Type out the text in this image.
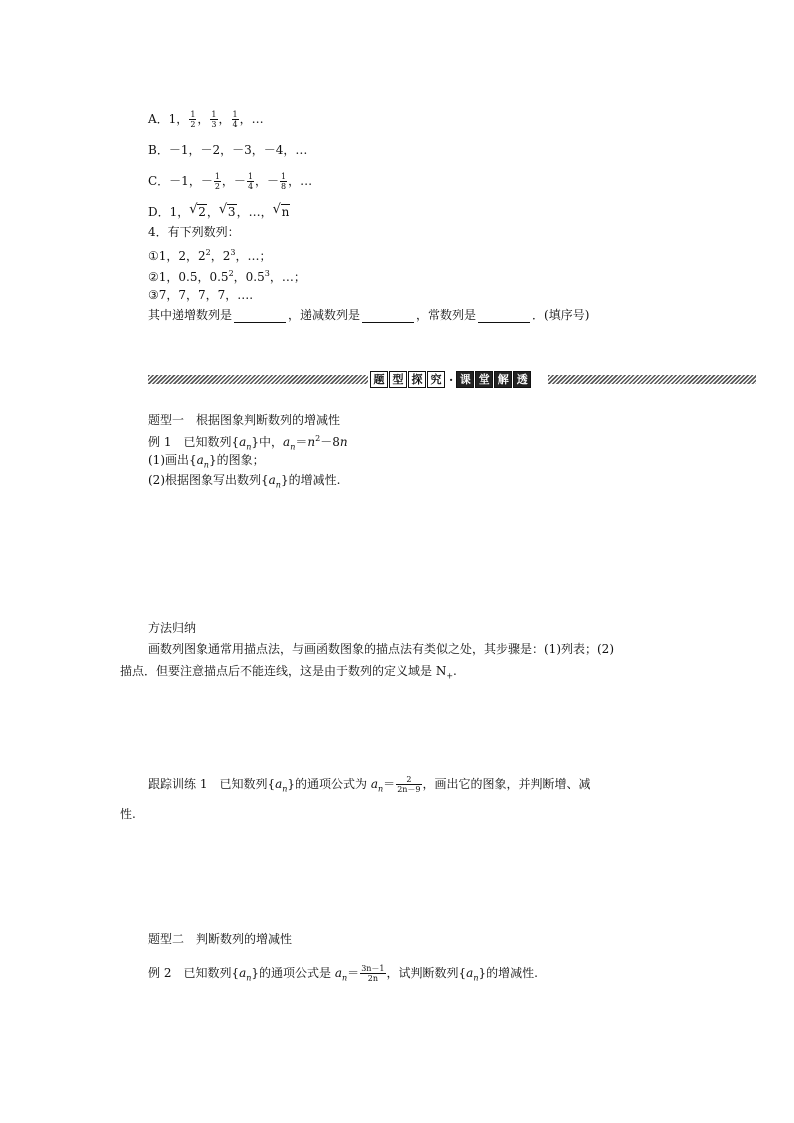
A．1， $\frac{1}{2}$ ， $\frac{1}{3}$ ， $\frac{1}{4}$ ，…
B．－1，－2，－3，－4，…
C．－1，－ $\frac{1}{2}$ ，－ $\frac{1}{4}$ ，－ $\frac{1}{8}$ ，…
D．1， √ 2， √ 3，…， √ n
4．有下列数列：
①1，2，$2^2$，$2^3$，…；
②1，0.5，$0.5^2$，$0.5^3$，…；
③7，7，7，7，….
其中递增数列是	，递减数列是	，常数列是	．(填序号)
题 型 探 究 · 课 堂 解 透
题型一　根据图象判断数列的增减性
例 1　已知数列$\{a_n\}$中，$a_n=n^2-8n$
(1)画出$\{a_n\}$的图象；
(2)根据图象写出数列$\{a_n\}$的增减性.
方法归纳
画数列图象通常用描点法，与画函数图象的描点法有类似之处，其步骤是：(1)列表；(2)
描点．但要注意描点后不能连线，这是由于数列的定义域是 $N_+$.
跟踪训练 1　已知数列$\{a_n\}$的通项公式为 $a_n= \frac{2}{2n-9}$ ，画出它的图象，并判断增、减
性.
题型二　判断数列的增减性
例 2　已知数列$\{a_n\}$的通项公式是 $a_n= \frac{3n-1}{2n}$ ，试判断数列$\{a_n\}$的增减性.
